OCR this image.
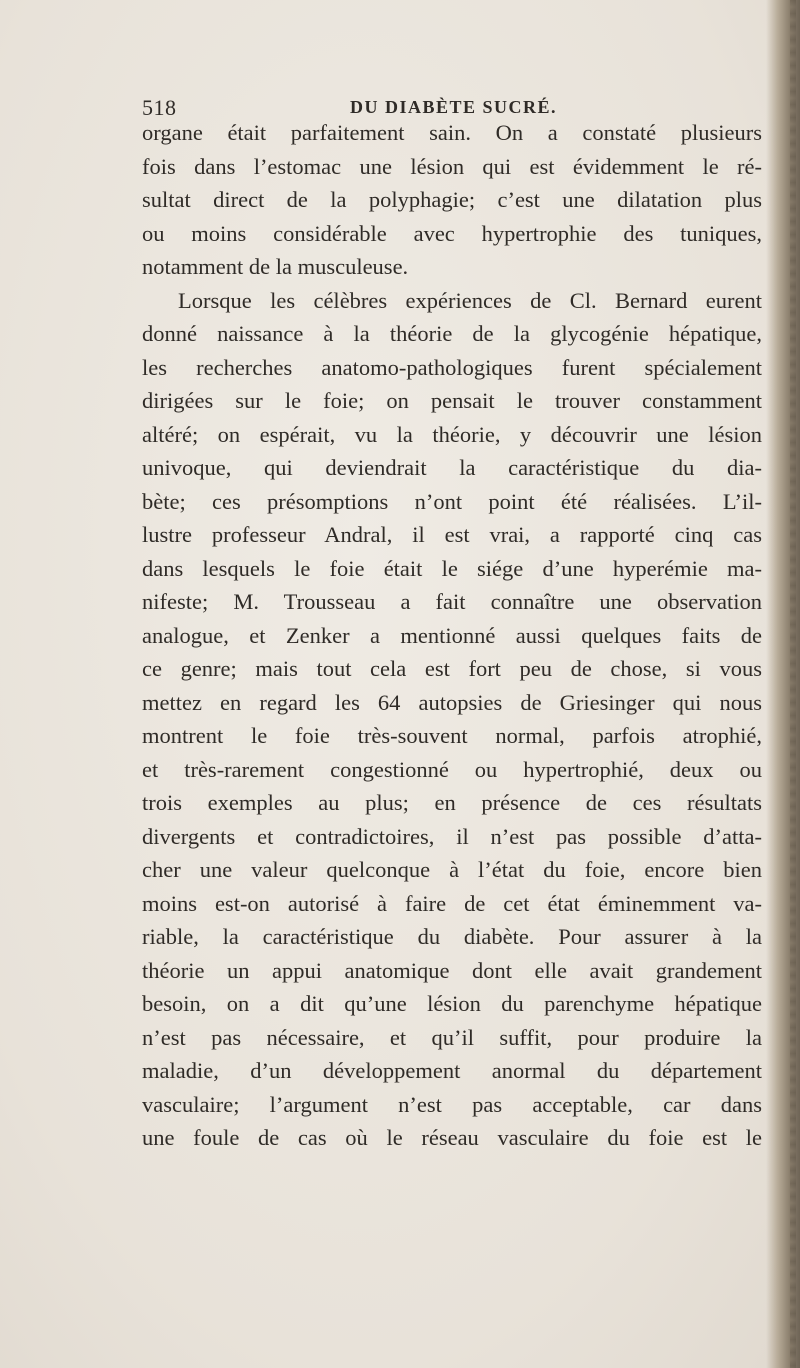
518	DU DIABÈTE SUCRÉ.
organe était parfaitement sain. On a constaté plusieurs
fois dans l’estomac une lésion qui est évidemment le ré-
sultat direct de la polyphagie; c’est une dilatation plus
ou moins considérable avec hypertrophie des tuniques,
notamment de la musculeuse.
Lorsque les célèbres expériences de Cl. Bernard eurent
donné naissance à la théorie de la glycogénie hépatique,
les recherches anatomo-pathologiques furent spécialement
dirigées sur le foie; on pensait le trouver constamment
altéré; on espérait, vu la théorie, y découvrir une lésion
univoque, qui deviendrait la caractéristique du dia-
bète; ces présomptions n’ont point été réalisées. L’il-
lustre professeur Andral, il est vrai, a rapporté cinq cas
dans lesquels le foie était le siége d’une hyperémie ma-
nifeste; M. Trousseau a fait connaître une observation
analogue, et Zenker a mentionné aussi quelques faits de
ce genre; mais tout cela est fort peu de chose, si vous
mettez en regard les 64 autopsies de Griesinger qui nous
montrent le foie très-souvent normal, parfois atrophié,
et très-rarement congestionné ou hypertrophié, deux ou
trois exemples au plus; en présence de ces résultats
divergents et contradictoires, il n’est pas possible d’atta-
cher une valeur quelconque à l’état du foie, encore bien
moins est-on autorisé à faire de cet état éminemment va-
riable, la caractéristique du diabète. Pour assurer à la
théorie un appui anatomique dont elle avait grandement
besoin, on a dit qu’une lésion du parenchyme hépatique
n’est pas nécessaire, et qu’il suffit, pour produire la
maladie, d’un développement anormal du département
vasculaire; l’argument n’est pas acceptable, car dans
une foule de cas où le réseau vasculaire du foie est le
